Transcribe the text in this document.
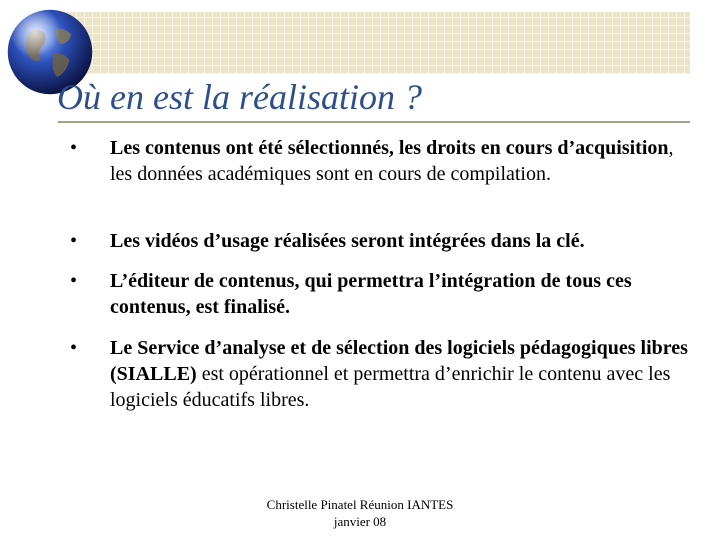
Où en est la réalisation ?
•	Les contenus ont été sélectionnés, les droits en cours d’acquisition, les données académiques sont en cours de compilation.
•	Les vidéos d’usage réalisées seront intégrées dans la clé.
•	L’éditeur de contenus, qui permettra l’intégration de tous ces contenus, est finalisé.
•	Le Service d’analyse et de sélection des logiciels pédagogiques libres (SIALLE) est opérationnel et permettra d’enrichir le contenu avec les logiciels éducatifs libres.
Christelle Pinatel Réunion IANTES
janvier 08
